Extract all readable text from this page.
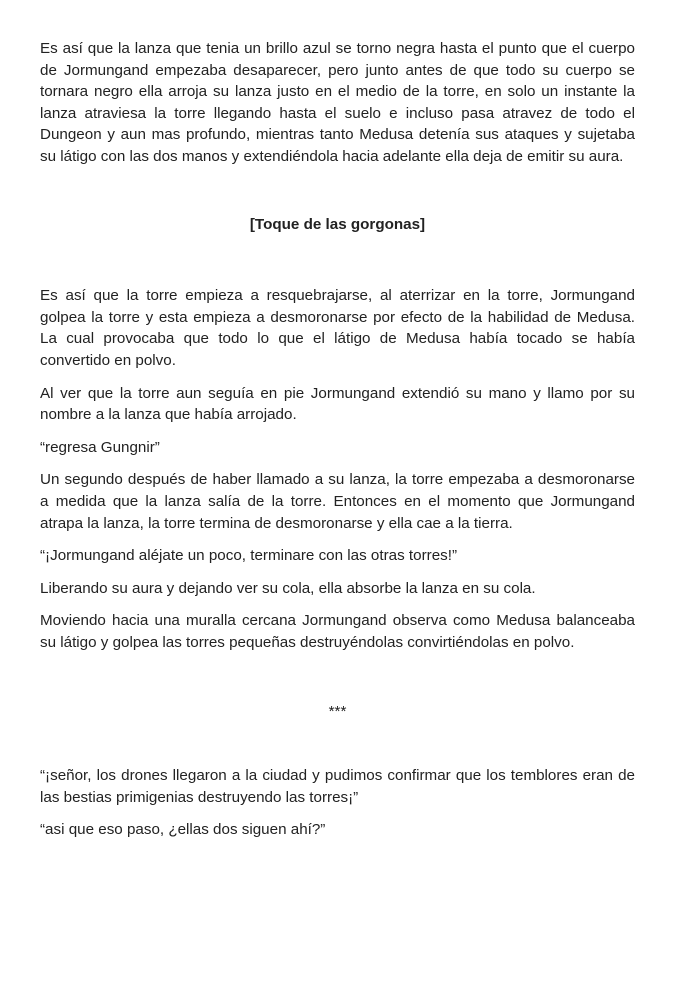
Es así que la lanza que tenia un brillo azul se torno negra hasta el punto que el cuerpo de Jormungand empezaba desaparecer, pero junto antes de que todo su cuerpo se tornara negro ella arroja su lanza justo en el medio de la torre, en solo un instante la lanza atraviesa la torre llegando hasta el suelo e incluso pasa atravez de todo el Dungeon y aun mas profundo, mientras tanto Medusa detenía sus ataques y sujetaba su látigo con las dos manos y extendiéndola hacia adelante ella deja de emitir su aura.

[Toque de las gorgonas]

Es así que la torre empieza a resquebrajarse, al aterrizar en la torre, Jormungand golpea la torre y esta empieza a desmoronarse por efecto de la habilidad de Medusa. La cual provocaba que todo lo que el látigo de Medusa había tocado se había convertido en polvo.

Al ver que la torre aun seguía en pie Jormungand extendió su mano y llamo por su nombre a la lanza que había arrojado.

“regresa Gungnir”

Un segundo después de haber llamado a su lanza, la torre empezaba a desmoronarse a medida que la lanza salía de la torre. Entonces en el momento que Jormungand atrapa la lanza, la torre termina de desmoronarse y ella cae a la tierra.

“¡Jormungand aléjate un poco, terminare con las otras torres!”

Liberando su aura y dejando ver su cola, ella absorbe la lanza en su cola.

Moviendo hacia una muralla cercana Jormungand observa como Medusa balanceaba su látigo y golpea las torres pequeñas destruyéndolas convirtiéndolas en polvo.

***

“¡señor, los drones llegaron a la ciudad y pudimos confirmar que los temblores eran de las bestias primigenias destruyendo las torres¡”

“asi que eso paso, ¿ellas dos siguen ahí?”
